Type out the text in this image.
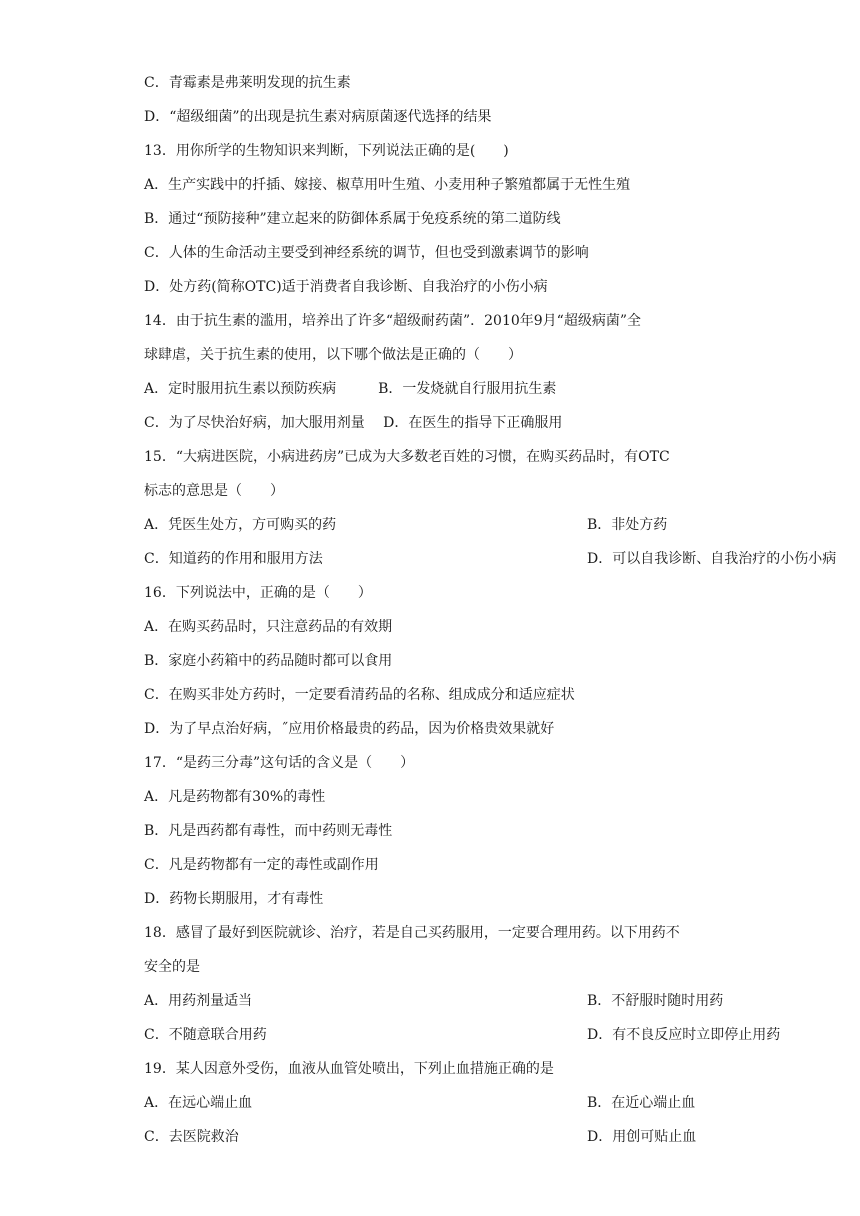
C．青霉素是弗莱明发现的抗生素
D．“超级细菌”的出现是抗生素对病原菌逐代选择的结果
13．用你所学的生物知识来判断，下列说法正确的是(　　)
A．生产实践中的扦插、嫁接、椒草用叶生殖、小麦用种子繁殖都属于无性生殖
B．通过“预防接种”建立起来的防御体系属于免疫系统的第二道防线
C．人体的生命活动主要受到神经系统的调节，但也受到激素调节的影响
D．处方药(简称OTC)适于消费者自我诊断、自我治疗的小伤小病
14．由于抗生素的滥用，培养出了许多“超级耐药菌”．2010年9月“超级病菌”全
球肆虐，关于抗生素的使用，以下哪个做法是正确的（　　）
A．定时服用抗生素以预防疾病　　　B．一发烧就自行服用抗生素
C．为了尽快治好病，加大服用剂量　 D．在医生的指导下正确服用
15．“大病进医院，小病进药房”已成为大多数老百姓的习惯，在购买药品时，有OTC
标志的意思是（　　）
A．凭医生处方，方可购买的药	B．非处方药
C．知道药的作用和服用方法	D．可以自我诊断、自我治疗的小伤小病
16．下列说法中，正确的是（　　）
A．在购买药品时，只注意药品的有效期
B．家庭小药箱中的药品随时都可以食用
C．在购买非处方药时，一定要看清药品的名称、组成成分和适应症状
D．为了早点治好病，˝应用价格最贵的药品，因为价格贵效果就好
17．“是药三分毒”这句话的含义是（　　）
A．凡是药物都有30%的毒性
B．凡是西药都有毒性，而中药则无毒性
C．凡是药物都有一定的毒性或副作用
D．药物长期服用，才有毒性
18．感冒了最好到医院就诊、治疗，若是自己买药服用，一定要合理用药。以下用药不
安全的是
A．用药剂量适当	B．不舒服时随时用药
C．不随意联合用药	D．有不良反应时立即停止用药
19．某人因意外受伤，血液从血管处喷出，下列止血措施正确的是
A．在远心端止血	B．在近心端止血
C．去医院救治	D．用创可贴止血
